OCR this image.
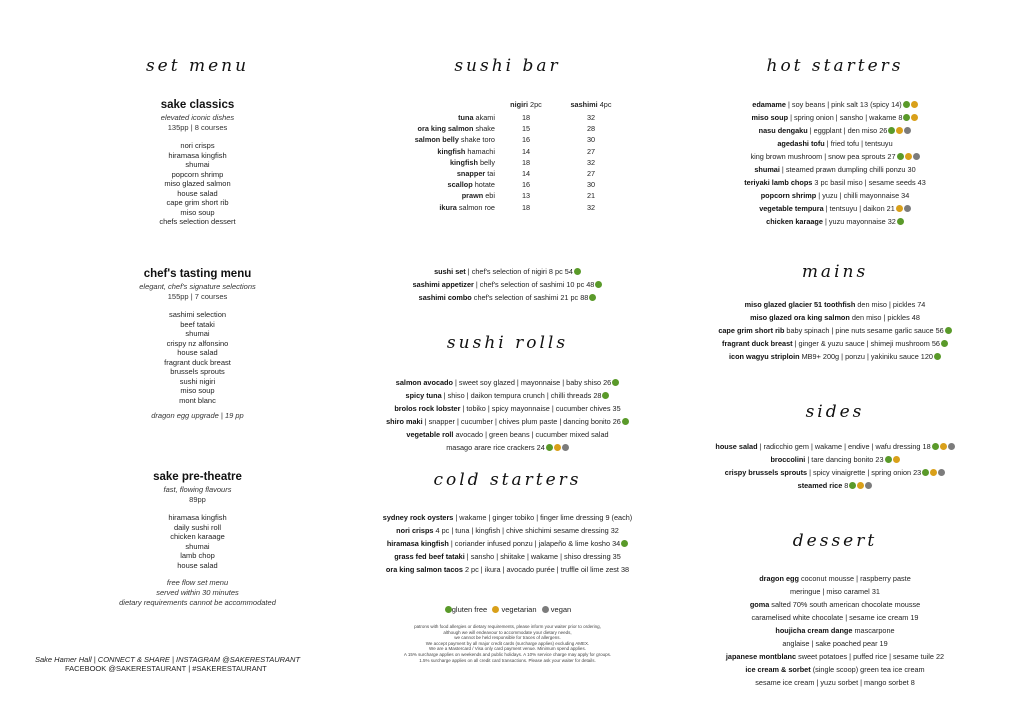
set menu
sake classics
elevated iconic dishes
135pp | 8 courses
nori crisps
hiramasa kingfish
shumai
popcorn shrimp
miso glazed salmon
house salad
cape grim short rib
miso soup
chefs selection dessert
chef's tasting menu
elegant, chef's signature selections
155pp | 7 courses
sashimi selection
beef tataki
shumai
crispy nz alfonsino
house salad
fragrant duck breast
brussels sprouts
sushi nigiri
miso soup
mont blanc
dragon egg upgrade | 19 pp
sake pre-theatre
fast, flowing flavours
89pp
hiramasa kingfish
daily sushi roll
chicken karaage
shumai
lamb chop
house salad
free flow set menu
served within 30 minutes
dietary requirements cannot be accommodated
Sake Hamer Hall | CONNECT & SHARE | INSTAGRAM @SAKERESTAURANT
FACEBOOK @SAKERESTAURANT | #SAKERESTAURANT
sushi bar
	nigiri 2pc	sashimi 4pc
tuna akami	18	32
ora king salmon shake	15	28
salmon belly shake toro	16	30
kingfish hamachi	14	27
kingfish belly	18	32
snapper tai	14	27
scallop hotate	16	30
prawn ebi	13	21
ikura salmon roe	18	32
sushi set | chef's selection of nigiri 8 pc 54
sashimi appetizer | chef's selection of sashimi 10 pc 48
sashimi combo chef's selection of sashimi 21 pc 88
sushi rolls
salmon avocado | sweet soy glazed | mayonnaise | baby shiso 26
spicy tuna | shiso | daikon tempura crunch | chilli threads 28
brolos rock lobster | tobiko | spicy mayonnaise | cucumber chives 35
shiro maki | snapper | cucumber | chives plum paste | dancing bonito 26
vegetable roll avocado | green beans | cucumber mixed salad
masago arare rice crackers 24
cold starters
sydney rock oysters | wakame | ginger tobiko | finger lime dressing 9 (each)
nori crisps 4 pc | tuna | kingfish | chive shichimi sesame dressing 32
hiramasa kingfish | coriander infused ponzu | jalapeño & lime kosho 34
grass fed beef tataki | sansho | shiitake | wakame | shiso dressing 35
ora king salmon tacos 2 pc | ikura | avocado purée | truffle oil lime zest 38
gluten free vegetarian vegan
patrons with food allergies or dietary requirements, please inform your waiter prior to ordering,
although we will endeavour to accommodate your dietary needs,
we cannot be held responsible for traces of allergens.
We accept payment by all major credit cards (surcharge applies) excluding AMEX.
We are a Mastercard / Visa only card payment venue. Minimum spend applies.
A 15% surcharge applies on weekends and public holidays. A 10% service charge may apply for groups.
1.5% surcharge applies on all credit card transactions. Please ask your waiter for details.
hot starters
edamame | soy beans | pink salt 13 (spicy 14)
miso soup | spring onion | sansho | wakame 8
nasu dengaku | eggplant | den miso 26
agedashi tofu | fried tofu | tentsuyu
king brown mushroom | snow pea sprouts 27
shumai | steamed prawn dumpling chilli ponzu 30
teriyaki lamb chops 3 pc basil miso | sesame seeds 43
popcorn shrimp | yuzu | chilli mayonnaise 34
vegetable tempura | tentsuyu | daikon 21
chicken karaage | yuzu mayonnaise 32
mains
miso glazed glacier 51 toothfish den miso | pickles 74
miso glazed ora king salmon den miso | pickles 48
cape grim short rib baby spinach | pine nuts sesame garlic sauce 56
fragrant duck breast | ginger & yuzu sauce | shimeji mushroom 56
icon wagyu striploin MB9+ 200g | ponzu | yakiniku sauce 120
sides
house salad | radicchio gem | wakame | endive | wafu dressing 18
broccolini | tare dancing bonito 23
crispy brussels sprouts | spicy vinaigrette | spring onion 23
steamed rice 8
dessert
dragon egg coconut mousse | raspberry paste
meringue | miso caramel 31
goma salted 70% south american chocolate mousse
caramelised white chocolate | sesame ice cream 19
houjicha cream dange mascarpone
anglaise | sake poached pear 19
japanese montblanc sweet potatoes | puffed rice | sesame tuile 22
ice cream & sorbet (single scoop) green tea ice cream
sesame ice cream | yuzu sorbet | mango sorbet 8
